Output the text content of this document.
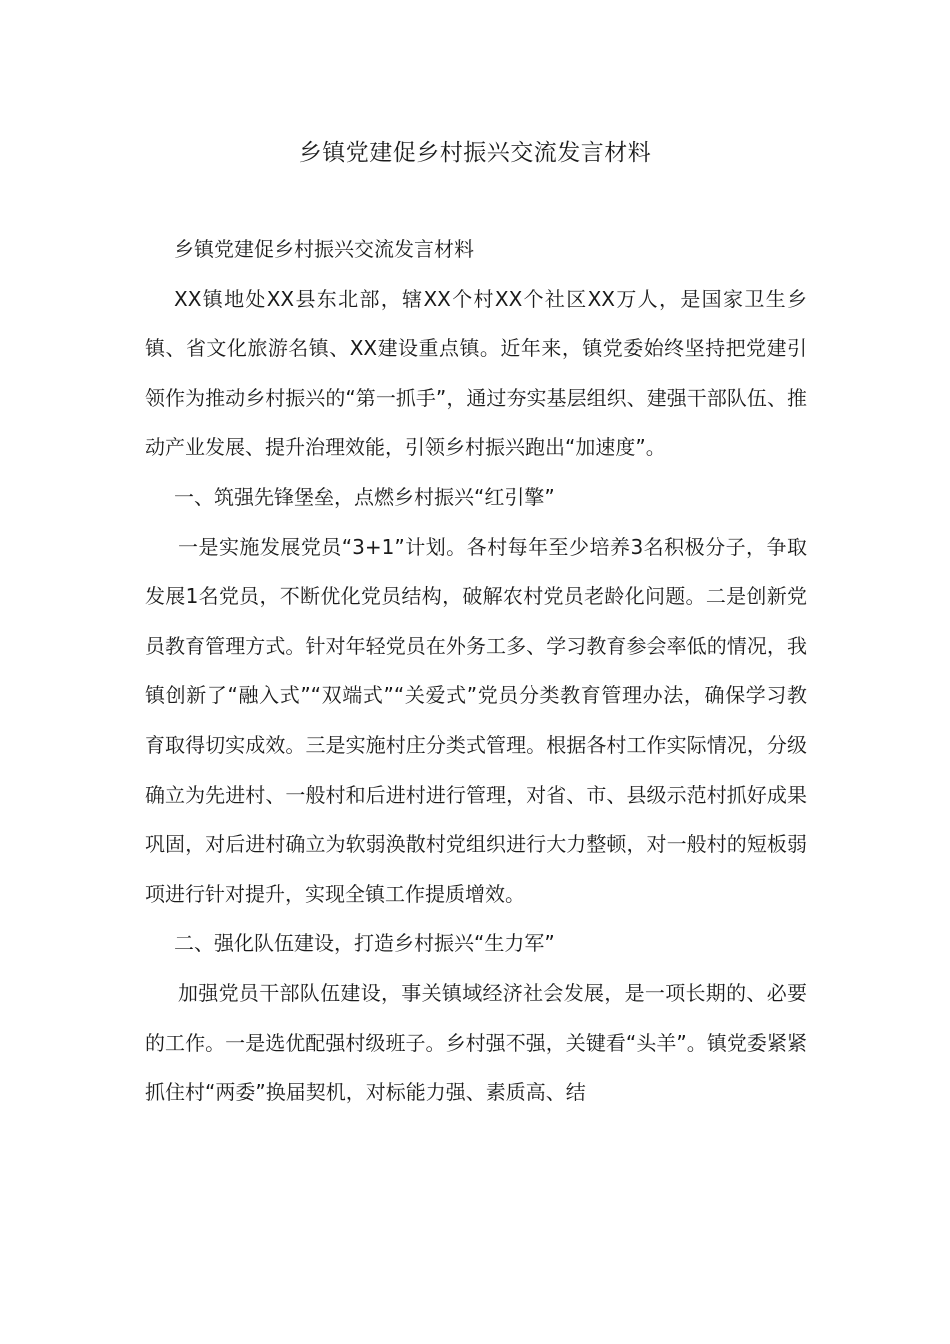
乡镇党建促乡村振兴交流发言材料

乡镇党建促乡村振兴交流发言材料

XX镇地处XX县东北部，辖XX个村XX个社区XX万人，是国家卫生乡镇、省文化旅游名镇、XX建设重点镇。近年来，镇党委始终坚持把党建引领作为推动乡村振兴的“第一抓手”，通过夯实基层组织、建强干部队伍、推动产业发展、提升治理效能，引领乡村振兴跑出“加速度”。

一、筑强先锋堡垒，点燃乡村振兴“红引擎”

一是实施发展党员“3+1”计划。各村每年至少培养3名积极分子，争取发展1名党员，不断优化党员结构，破解农村党员老龄化问题。二是创新党员教育管理方式。针对年轻党员在外务工多、学习教育参会率低的情况，我镇创新了“融入式”“双端式”“关爱式”党员分类教育管理办法，确保学习教育取得切实成效。三是实施村庄分类式管理。根据各村工作实际情况，分级确立为先进村、一般村和后进村进行管理，对省、市、县级示范村抓好成果巩固，对后进村确立为软弱涣散村党组织进行大力整顿，对一般村的短板弱项进行针对提升，实现全镇工作提质增效。

二、强化队伍建设，打造乡村振兴“生力军”

加强党员干部队伍建设，事关镇域经济社会发展，是一项长期的、必要的工作。一是选优配强村级班子。乡村强不强，关键看“头羊”。镇党委紧紧抓住村“两委”换届契机，对标能力强、素质高、结
